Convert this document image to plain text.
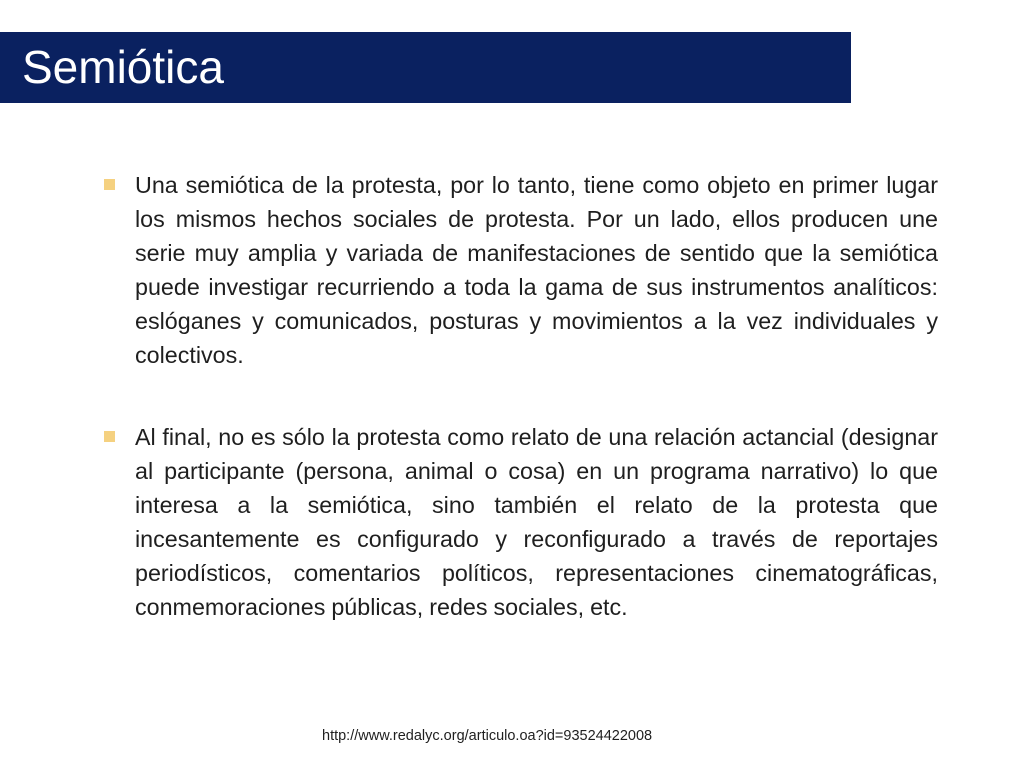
Semiótica
Una semiótica de la protesta, por lo tanto, tiene como objeto en primer lugar los mismos hechos sociales de protesta. Por un lado, ellos producen une serie muy amplia y variada de manifestaciones de sentido que la semiótica puede investigar recurriendo a toda la gama de sus instrumentos analíticos: eslóganes y comunicados, posturas y movimientos a la vez individuales y colectivos.
Al final, no es sólo la protesta como relato de una relación actancial (designar al participante (persona, animal o cosa) en un programa narrativo) lo que interesa a la semiótica, sino también el relato de la protesta que incesantemente es configurado y reconfigurado a través de reportajes periodísticos, comentarios políticos, representaciones cinematográficas, conmemoraciones públicas, redes sociales, etc.
http://www.redalyc.org/articulo.oa?id=93524422008
